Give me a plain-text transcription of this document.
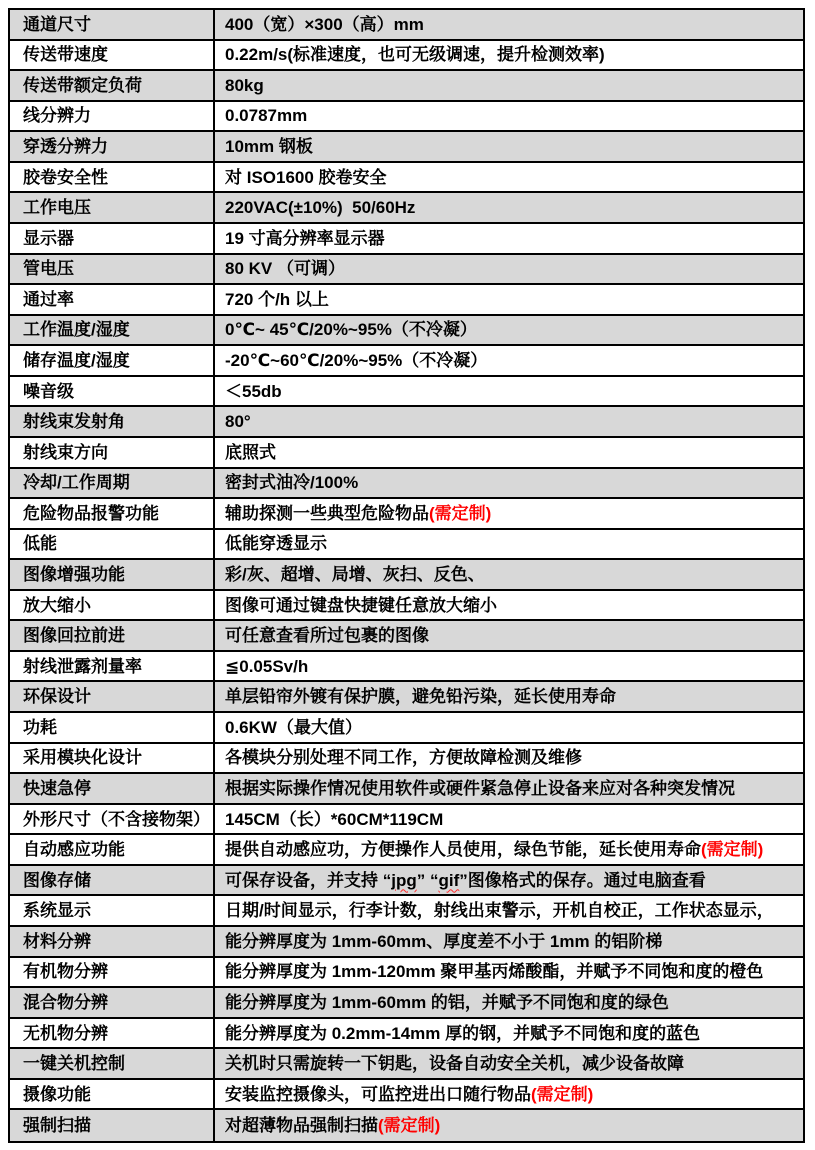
通道尺寸	400（宽）×300（高）mm
传送带速度	0.22m/s(标准速度，也可无级调速，提升检测效率)
传送带额定负荷	80kg
线分辨力	0.0787mm
穿透分辨力	10mm 钢板
胶卷安全性	对 ISO1600 胶卷安全
工作电压	220VAC(±10%)  50/60Hz
显示器	19 寸高分辨率显示器
管电压	80 KV （可调）
通过率	720 个/h 以上
工作温度/湿度	0℃~ 45℃/20%~95%（不冷凝）
储存温度/湿度	-20℃~60℃/20%~95%（不冷凝）
噪音级	＜55db
射线束发射角	80°
射线束方向	底照式
冷却/工作周期	密封式油冷/100%
危险物品报警功能	辅助探测一些典型危险物品 (需定制)
低能	低能穿透显示
图像增强功能	彩/灰、超增、局增、灰扫、反色、
放大缩小	图像可通过键盘快捷键任意放大缩小
图像回拉前进	可任意查看所过包裹的图像
射线泄露剂量率	≦0.05Sv/h
环保设计	单层铅帘外镀有保护膜，避免铅污染，延长使用寿命
功耗	0.6KW（最大值）
采用模块化设计	各模块分别处理不同工作，方便故障检测及维修
快速急停	根据实际操作情况使用软件或硬件紧急停止设备来应对各种突发情况
外形尺寸（不含接物架） 145CM（长）*60CM*119CM
自动感应功能	提供自动感应功，方便操作人员使用，绿色节能，延长使用寿命 (需定制)
图像存储	可保存设备，并支持 “ jpg ” “ gif ”图像格式的保存。通过电脑查看
系统显示	日期/时间显示，行李计数，射线出束警示，开机自校正，工作状态显示，
材料分辨	能分辨厚度为 1mm-60mm、厚度差不小于 1mm 的铝阶梯
有机物分辨	能分辨厚度为 1mm-120mm 聚甲基丙烯酸酯，并赋予不同饱和度的橙色
混合物分辨	能分辨厚度为 1mm-60mm 的铝，并赋予不同饱和度的绿色
无机物分辨	能分辨厚度为 0.2mm-14mm 厚的钢，并赋予不同饱和度的蓝色
一键关机控制	关机时只需旋转一下钥匙，设备自动安全关机，减少设备故障
摄像功能	安装监控摄像头，可监控进出口随行物品 (需定制)
强制扫描	对超薄物品强制扫描 (需定制)
